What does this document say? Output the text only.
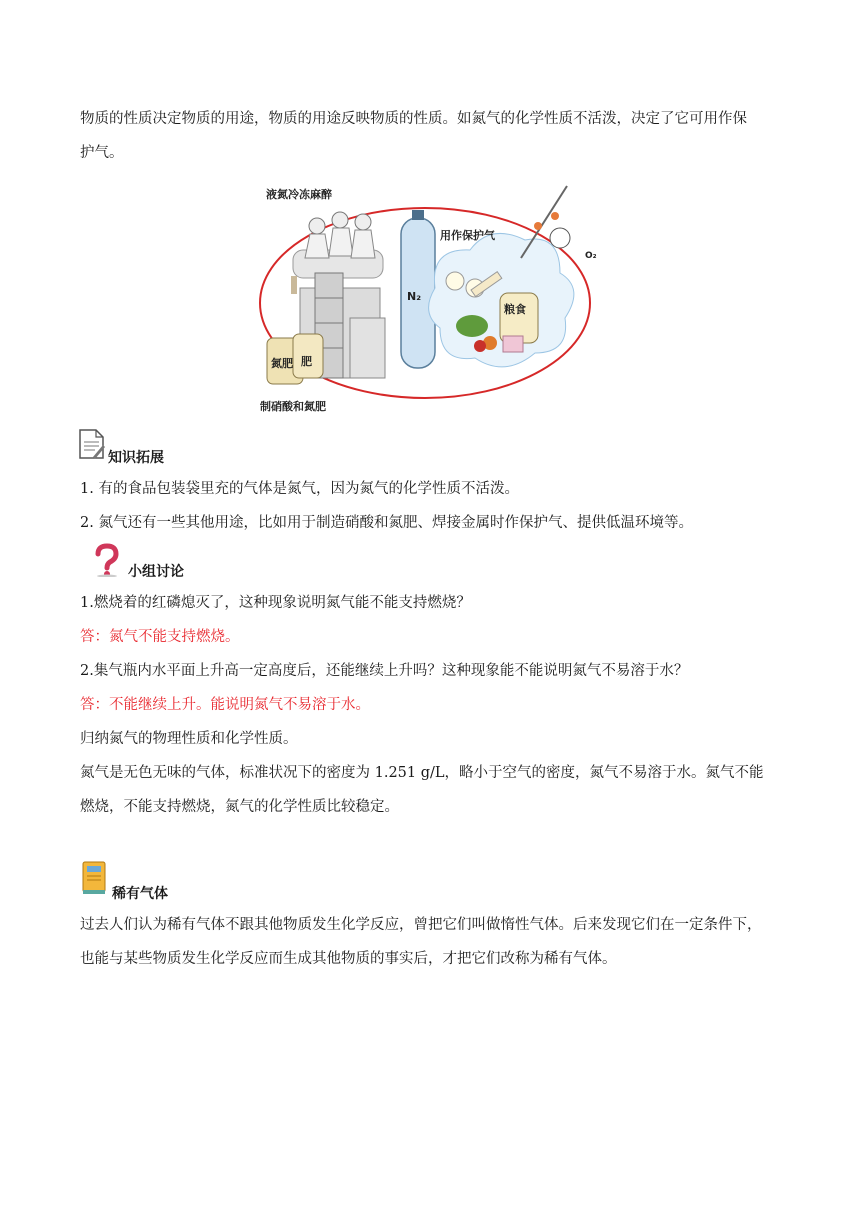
物质的性质决定物质的用途，物质的用途反映物质的性质。如氮气的化学性质不活泼，决定了它可用作保
护气。
氮肥 肥
N₂
粮食
用作保护气
O₂
液氮冷冻麻醉
制硝酸和氮肥
知识拓展
1. 有的食品包装袋里充的气体是氮气，因为氮气的化学性质不活泼。
2. 氮气还有一些其他用途，比如用于制造硝酸和氮肥、焊接金属时作保护气、提供低温环境等。
小组讨论
1.燃烧着的红磷熄灭了，这种现象说明氮气能不能支持燃烧？
答：氮气不能支持燃烧。
2.集气瓶内水平面上升高一定高度后，还能继续上升吗？这种现象能不能说明氮气不易溶于水？
答：不能继续上升。能说明氮气不易溶于水。
归纳氮气的物理性质和化学性质。
氮气是无色无味的气体，标准状况下的密度为 1.251 g/L，略小于空气的密度，氮气不易溶于水。氮气不能
燃烧，不能支持燃烧，氮气的化学性质比较稳定。
稀有气体
过去人们认为稀有气体不跟其他物质发生化学反应，曾把它们叫做惰性气体。后来发现它们在一定条件下，
也能与某些物质发生化学反应而生成其他物质的事实后，才把它们改称为稀有气体。
